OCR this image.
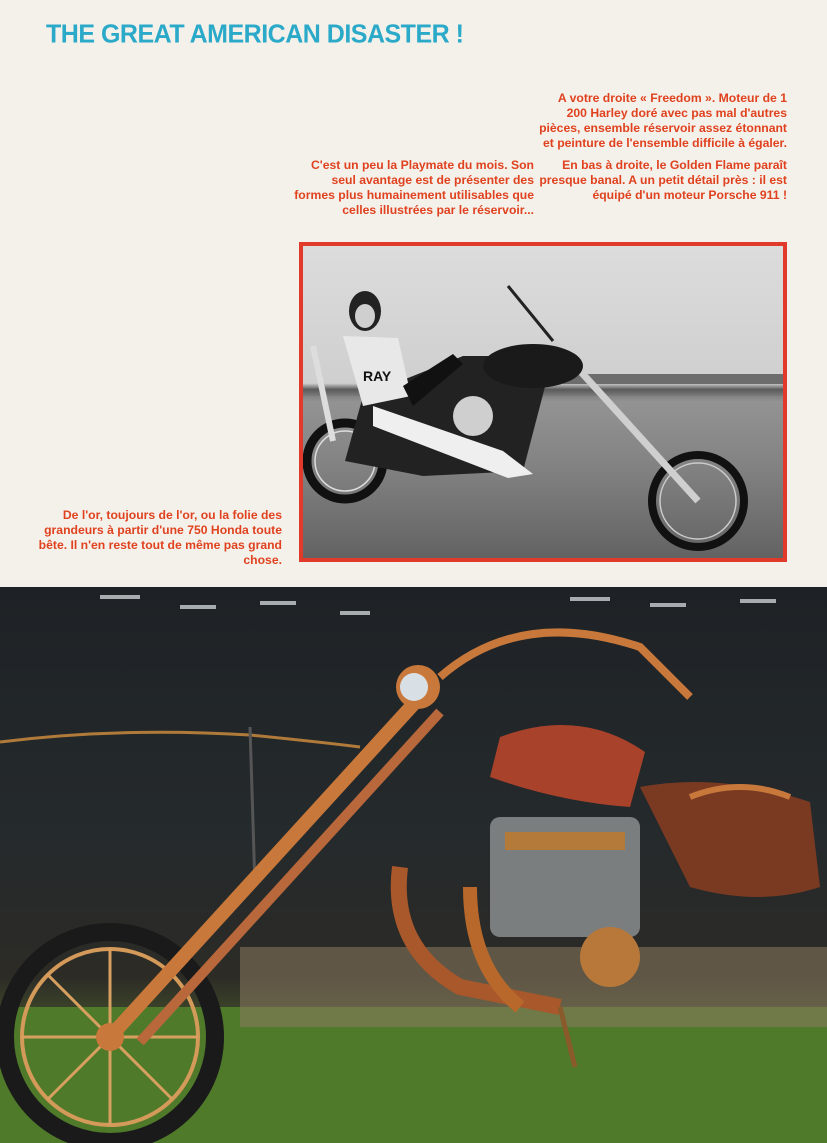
THE GREAT AMERICAN DISASTER !

A votre droite « Freedom ». Moteur de 1 200 Harley doré avec pas mal d'autres pièces, ensemble réservoir assez étonnant et peinture de l'ensemble difficile à égaler.

En bas à droite, le Golden Flame paraît presque banal. A un petit détail près : il est équipé d'un moteur Porsche 911 !

C'est un peu la Playmate du mois. Son seul avantage est de présenter des formes plus humainement utilisables que celles illustrées par le réservoir...
De l'or, toujours de l'or, ou la folie des grandeurs à partir d'une 750 Honda toute bête. Il n'en reste tout de même pas grand chose.
RAY
